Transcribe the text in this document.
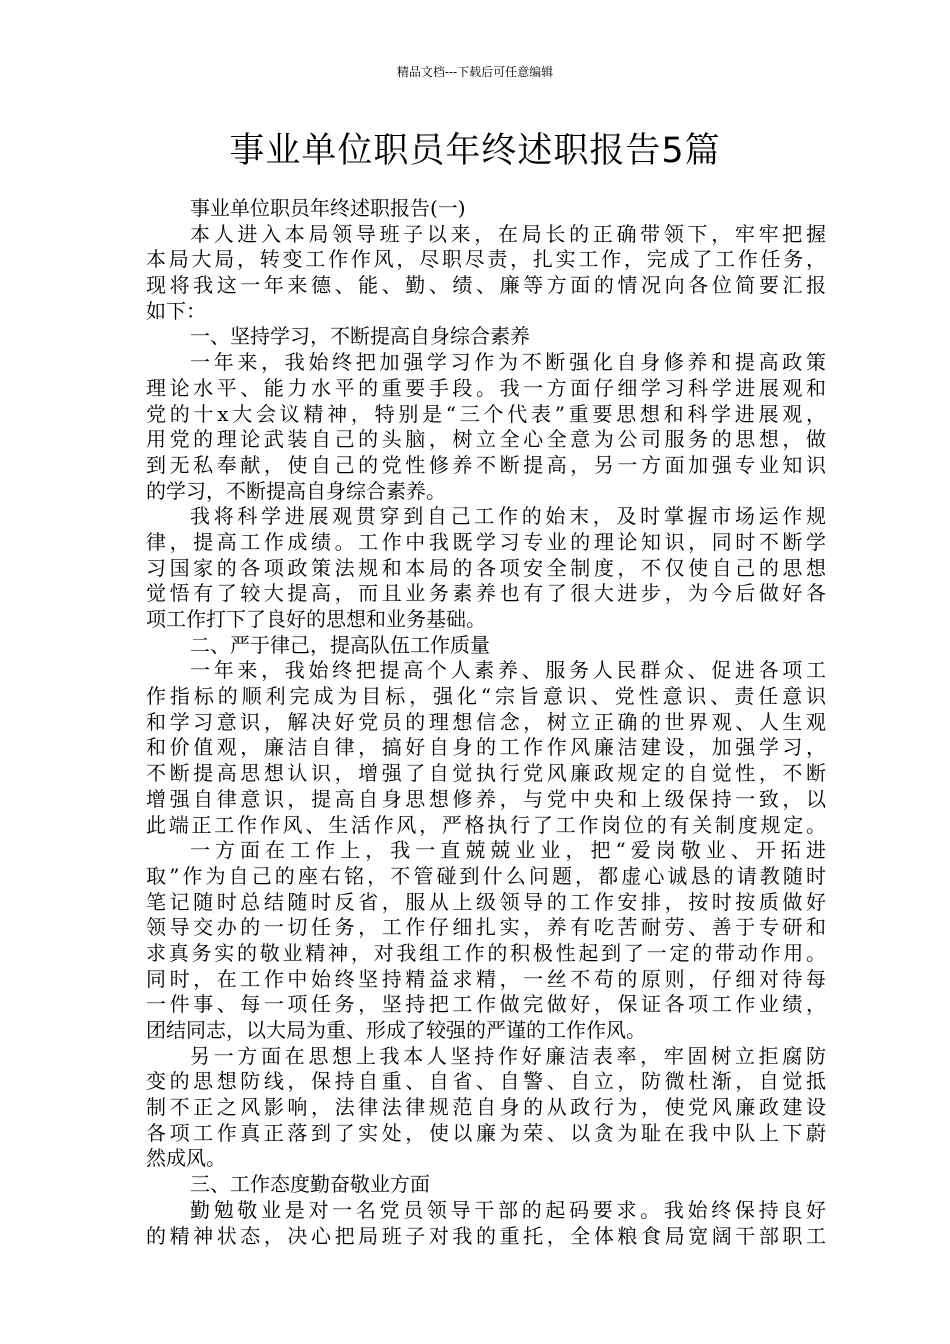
精品文档---下载后可任意编辑
事业单位职员年终述职报告5篇
事业单位职员年终述职报告(一)
本人进入本局领导班子以来，在局长的正确带领下，牢牢把握
本局大局，转变工作作风，尽职尽责，扎实工作，完成了工作任务，
现将我这一年来德、能、勤、绩、廉等方面的情况向各位简要汇报
如下：
一、坚持学习，不断提高自身综合素养
一年来，我始终把加强学习作为不断强化自身修养和提高政策
理论水平、能力水平的重要手段。我一方面仔细学习科学进展观和
党的十x大会议精神，特别是“三个代表”重要思想和科学进展观，
用党的理论武装自己的头脑，树立全心全意为公司服务的思想，做
到无私奉献，使自己的党性修养不断提高，另一方面加强专业知识
的学习，不断提高自身综合素养。
我将科学进展观贯穿到自己工作的始末，及时掌握市场运作规
律，提高工作成绩。工作中我既学习专业的理论知识，同时不断学
习国家的各项政策法规和本局的各项安全制度，不仅使自己的思想
觉悟有了较大提高，而且业务素养也有了很大进步，为今后做好各
项工作打下了良好的思想和业务基础。
二、严于律己，提高队伍工作质量
一年来，我始终把提高个人素养、服务人民群众、促进各项工
作指标的顺利完成为目标，强化“宗旨意识、党性意识、责任意识
和学习意识，解决好党员的理想信念，树立正确的世界观、人生观
和价值观，廉洁自律，搞好自身的工作作风廉洁建设，加强学习，
不断提高思想认识，增强了自觉执行党风廉政规定的自觉性，不断
增强自律意识，提高自身思想修养，与党中央和上级保持一致，以
此端正工作作风、生活作风，严格执行了工作岗位的有关制度规定。
一方面在工作上，我一直兢兢业业，把“爱岗敬业、开拓进
取”作为自己的座右铭，不管碰到什么问题，都虚心诚恳的请教随时
笔记随时总结随时反省，服从上级领导的工作安排，按时按质做好
领导交办的一切任务，工作仔细扎实，养有吃苦耐劳、善于专研和
求真务实的敬业精神，对我组工作的积极性起到了一定的带动作用。
同时，在工作中始终坚持精益求精，一丝不苟的原则，仔细对待每
一件事、每一项任务，坚持把工作做完做好，保证各项工作业绩，
团结同志，以大局为重、形成了较强的严谨的工作作风。
另一方面在思想上我本人坚持作好廉洁表率，牢固树立拒腐防
变的思想防线，保持自重、自省、自警、自立，防微杜渐，自觉抵
制不正之风影响，法律法律规范自身的从政行为，使党风廉政建设
各项工作真正落到了实处，使以廉为荣、以贪为耻在我中队上下蔚
然成风。
三、工作态度勤奋敬业方面
勤勉敬业是对一名党员领导干部的起码要求。我始终保持良好
的精神状态，决心把局班子对我的重托，全体粮食局宽阔干部职工
